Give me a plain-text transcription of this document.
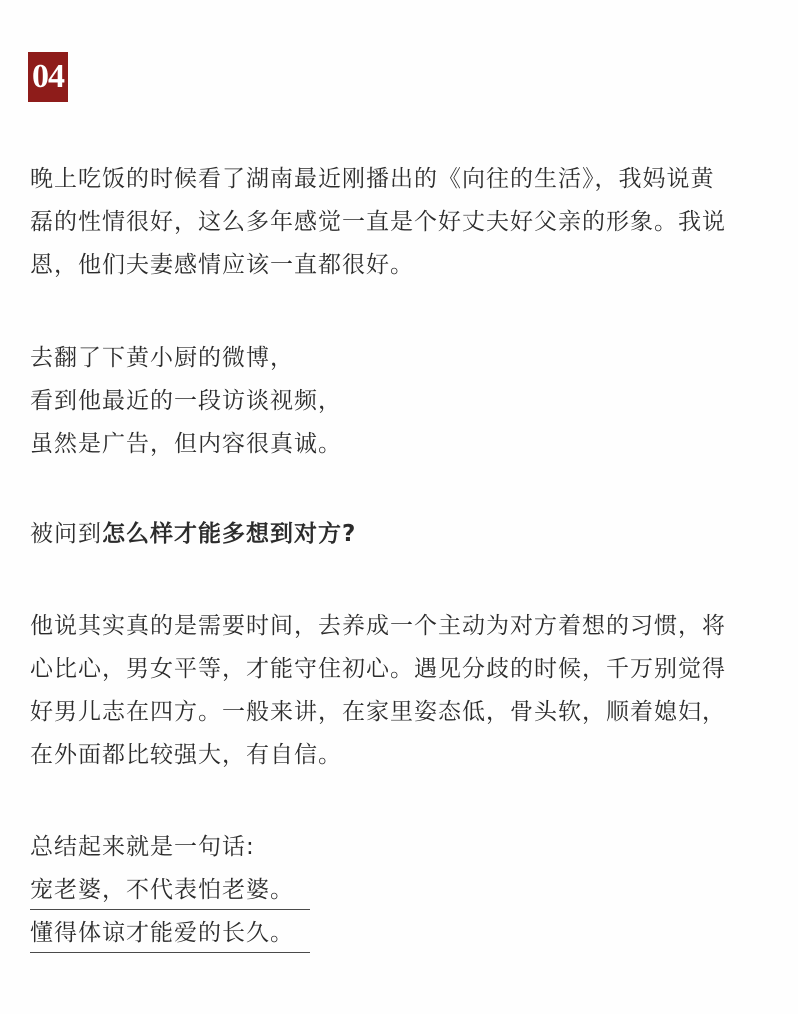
04

晚上吃饭的时候看了湖南最近刚播出的《向往的生活》，我妈说黄
磊的性情很好，这么多年感觉一直是个好丈夫好父亲的形象。我说
恩，他们夫妻感情应该一直都很好。

去翻了下黄小厨的微博，
看到他最近的一段访谈视频，
虽然是广告，但内容很真诚。

被问到怎么样才能多想到对方?

他说其实真的是需要时间，去养成一个主动为对方着想的习惯，将
心比心，男女平等，才能守住初心。遇见分歧的时候，千万别觉得
好男儿志在四方。一般来讲，在家里姿态低，骨头软，顺着媳妇，
在外面都比较强大，有自信。

总结起来就是一句话:
宠老婆，不代表怕老婆。
懂得体谅才能爱的长久。
